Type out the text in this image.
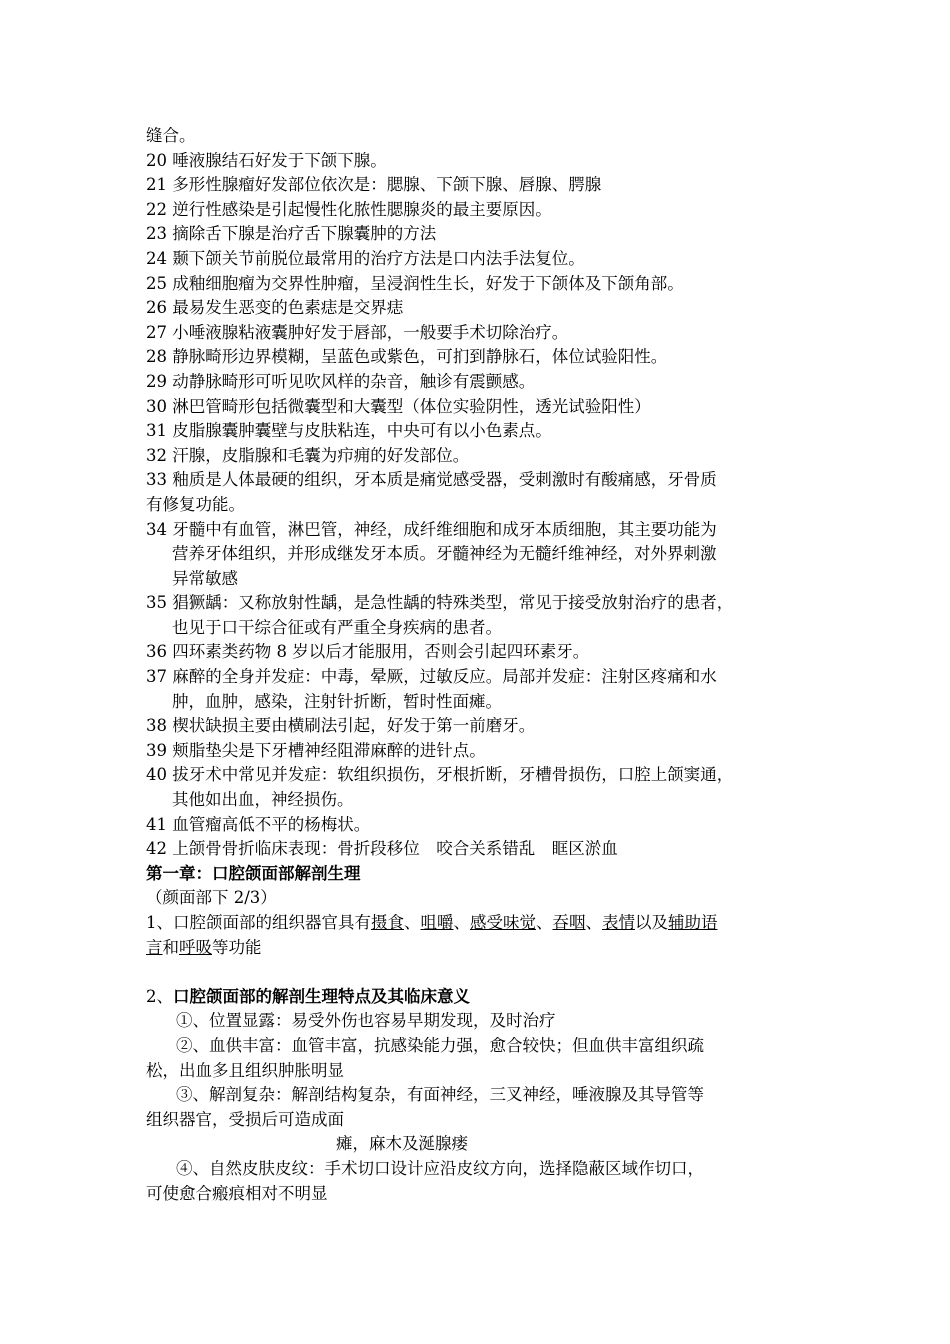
缝合。
20 唾液腺结石好发于下颌下腺。
21 多形性腺瘤好发部位依次是：腮腺、下颌下腺、唇腺、腭腺
22 逆行性感染是引起慢性化脓性腮腺炎的最主要原因。
23 摘除舌下腺是治疗舌下腺囊肿的方法
24 颞下颌关节前脱位最常用的治疗方法是口内法手法复位。
25 成釉细胞瘤为交界性肿瘤，呈浸润性生长，好发于下颌体及下颌角部。
26 最易发生恶变的色素痣是交界痣
27 小唾液腺粘液囊肿好发于唇部，一般要手术切除治疗。
28 静脉畸形边界模糊，呈蓝色或紫色，可扪到静脉石，体位试验阳性。
29 动静脉畸形可听见吹风样的杂音，触诊有震颤感。
30 淋巴管畸形包括微囊型和大囊型（体位实验阴性，透光试验阳性）
31 皮脂腺囊肿囊壁与皮肤粘连，中央可有以小色素点。
32 汗腺，皮脂腺和毛囊为疖痈的好发部位。
33 釉质是人体最硬的组织，牙本质是痛觉感受器，受刺激时有酸痛感，牙骨质
有修复功能。
34 牙髓中有血管，淋巴管，神经，成纤维细胞和成牙本质细胞，其主要功能为
营养牙体组织，并形成继发牙本质。牙髓神经为无髓纤维神经，对外界刺激
异常敏感
35 猖獗龋：又称放射性龋，是急性龋的特殊类型，常见于接受放射治疗的患者，
也见于口干综合征或有严重全身疾病的患者。
36 四环素类药物 8 岁以后才能服用，否则会引起四环素牙。
37 麻醉的全身并发症：中毒，晕厥，过敏反应。局部并发症：注射区疼痛和水
肿，血肿，感染，注射针折断，暂时性面瘫。
38 楔状缺损主要由横刷法引起，好发于第一前磨牙。
39 颊脂垫尖是下牙槽神经阻滞麻醉的进针点。
40 拔牙术中常见并发症：软组织损伤，牙根折断，牙槽骨损伤，口腔上颌窦通，
其他如出血，神经损伤。
41 血管瘤高低不平的杨梅状。
42 上颌骨骨折临床表现：骨折段移位　咬合关系错乱　眶区淤血
第一章：口腔颌面部解剖生理
（颜面部下 2/3）
1、口腔颌面部的组织器官具有摄食、咀嚼、感受味觉、吞咽、表情以及辅助语
言和呼吸等功能
2、口腔颌面部的解剖生理特点及其临床意义
①、位置显露：易受外伤也容易早期发现，及时治疗
②、血供丰富：血管丰富，抗感染能力强，愈合较快；但血供丰富组织疏
松，出血多且组织肿胀明显
③、解剖复杂：解剖结构复杂，有面神经，三叉神经，唾液腺及其导管等
组织器官，受损后可造成面
瘫，麻木及涎腺瘘
④、自然皮肤皮纹：手术切口设计应沿皮纹方向，选择隐蔽区域作切口，
可使愈合瘢痕相对不明显
